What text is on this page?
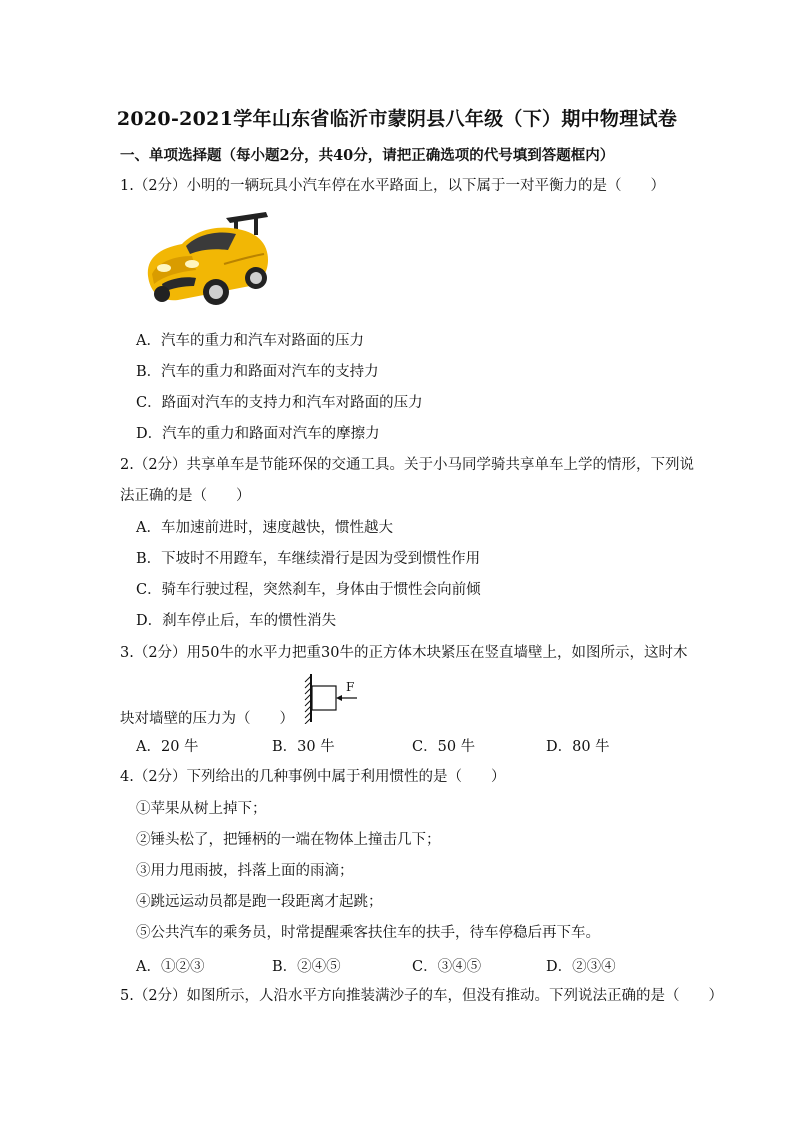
2020-2021学年山东省临沂市蒙阴县八年级（下）期中物理试卷
一、单项选择题（每小题2分，共40分，请把正确选项的代号填到答题框内）
1.（2分）小明的一辆玩具小汽车停在水平路面上，以下属于一对平衡力的是（　　）
A．汽车的重力和汽车对路面的压力
B．汽车的重力和路面对汽车的支持力
C．路面对汽车的支持力和汽车对路面的压力
D．汽车的重力和路面对汽车的摩擦力
2.（2分）共享单车是节能环保的交通工具。关于小马同学骑共享单车上学的情形，下列说
法正确的是（　　）
A．车加速前进时，速度越快，惯性越大
B．下坡时不用蹬车，车继续滑行是因为受到惯性作用
C．骑车行驶过程，突然刹车，身体由于惯性会向前倾
D．刹车停止后，车的惯性消失
3.（2分）用50牛的水平力把重30牛的正方体木块紧压在竖直墙壁上，如图所示，这时木
F
块对墙壁的压力为（　　）
A．20 牛	B．30 牛	C．50 牛	D．80 牛
4.（2分）下列给出的几种事例中属于利用惯性的是（　　）
①苹果从树上掉下；
②锤头松了，把锤柄的一端在物体上撞击几下；
③用力甩雨披，抖落上面的雨滴；
④跳远运动员都是跑一段距离才起跳；
⑤公共汽车的乘务员，时常提醒乘客扶住车的扶手，待车停稳后再下车。
A．①②③	B．②④⑤	C．③④⑤	D．②③④
5.（2分）如图所示，人沿水平方向推装满沙子的车，但没有推动。下列说法正确的是（　　）
